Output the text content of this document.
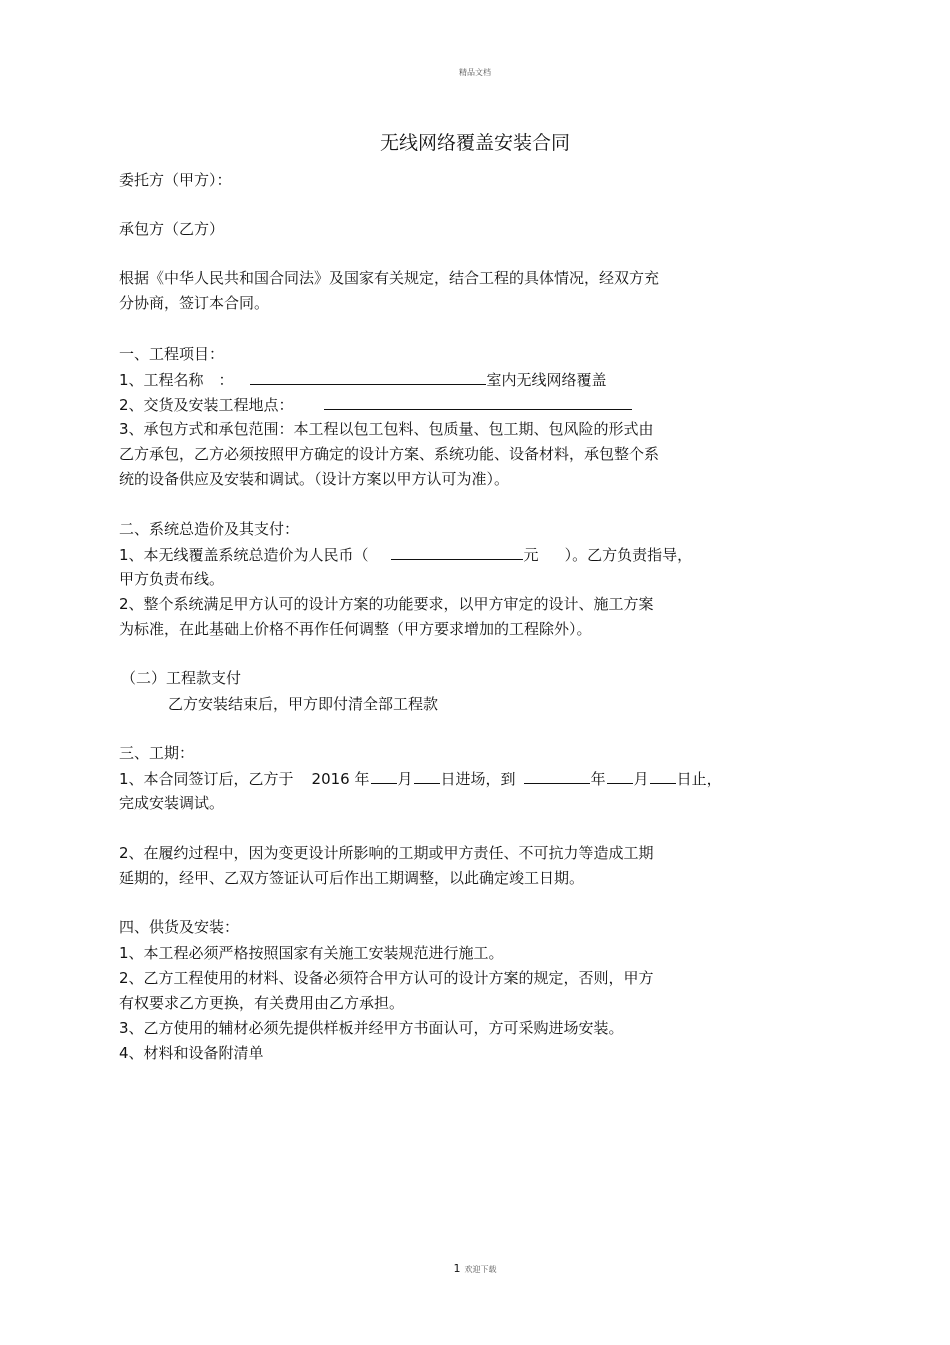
精品文档
无线网络覆盖安装合同
委托方（甲方）：
承包方（乙方）
根据《中华人民共和国合同法》及国家有关规定，结合工程的具体情况，经双方充
分协商，签订本合同。
一、工程项目：
1、工程名称　：	室内无线网络覆盖
2、交货及安装工程地点：
3、承包方式和承包范围：本工程以包工包料、包质量、包工期、包风险的形式由
乙方承包，乙方必须按照甲方确定的设计方案、系统功能、设备材料，承包整个系
统的设备供应及安装和调试。（设计方案以甲方认可为准）。
二、系统总造价及其支付：
1、本无线覆盖系统总造价为人民币（	元 ）。乙方负责指导，
甲方负责布线。
2、整个系统满足甲方认可的设计方案的功能要求，以甲方审定的设计、施工方案
为标准，在此基础上价格不再作任何调整（甲方要求增加的工程除外）。
（二）工程款支付
乙方安装结束后，甲方即付清全部工程款
三、工期：
1、本合同签订后，乙方于 2016 年 月 日进场，到	年 月 日止，
完成安装调试。
2、在履约过程中，因为变更设计所影响的工期或甲方责任、不可抗力等造成工期
延期的，经甲、乙双方签证认可后作出工期调整，以此确定竣工日期。
四、供货及安装：
1、本工程必须严格按照国家有关施工安装规范进行施工。
2、乙方工程使用的材料、设备必须符合甲方认可的设计方案的规定，否则，甲方
有权要求乙方更换，有关费用由乙方承担。
3、乙方使用的辅材必须先提供样板并经甲方书面认可，方可采购进场安装。
4、材料和设备附清单
1 欢迎下载
